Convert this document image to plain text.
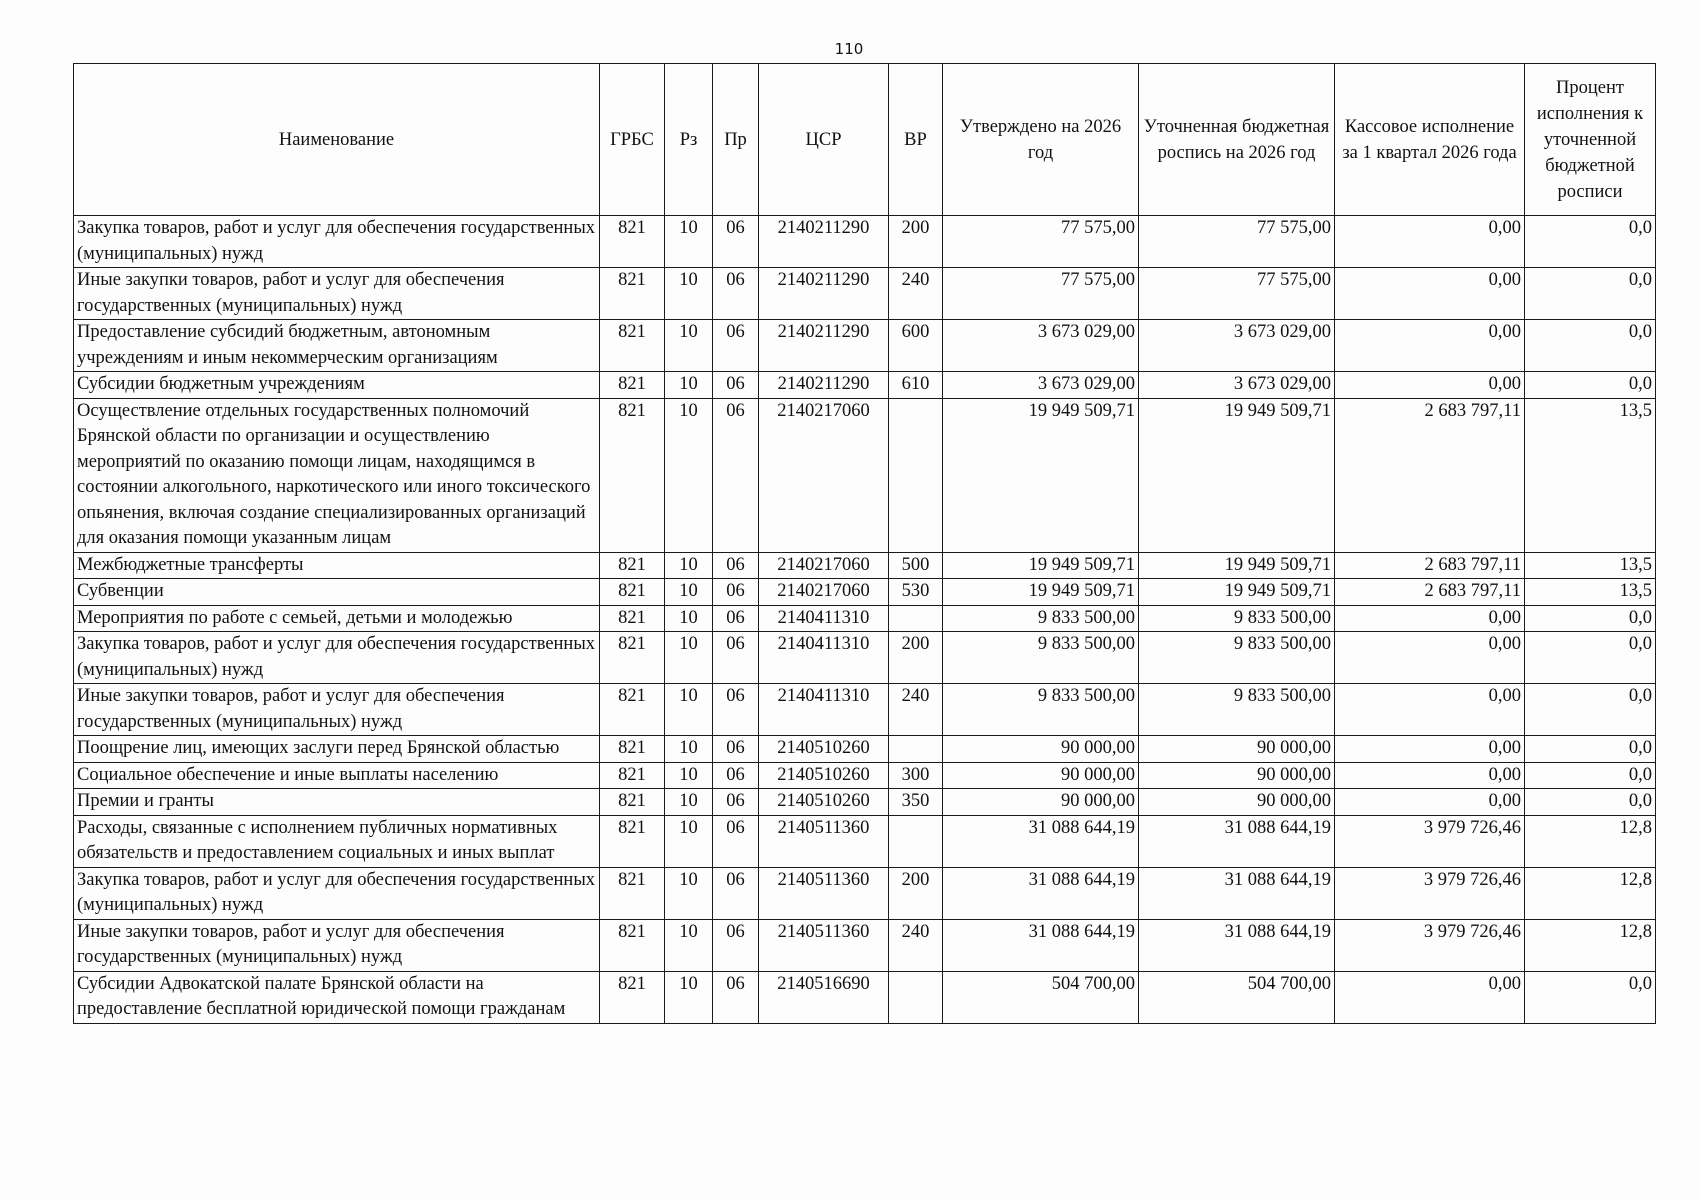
110
Наименование	ГРБС	Рз	Пр	ЦСР	ВР	Утверждено на 2026 год	Уточненная бюджетная роспись на 2026 год	Кассовое исполнение за 1 квартал 2026 года	Процент исполнения к уточненной бюджетной росписи
Закупка товаров, работ и услуг для обеспечения государственных (муниципальных) нужд	821	10	06	2140211290	200	77 575,00	77 575,00	0,00	0,0
Иные закупки товаров, работ и услуг для обеспечения государственных (муниципальных) нужд	821	10	06	2140211290	240	77 575,00	77 575,00	0,00	0,0
Предоставление субсидий бюджетным, автономным учреждениям и иным некоммерческим организациям	821	10	06	2140211290	600	3 673 029,00	3 673 029,00	0,00	0,0
Субсидии бюджетным учреждениям	821	10	06	2140211290	610	3 673 029,00	3 673 029,00	0,00	0,0
Осуществление отдельных государственных полномочий Брянской области по организации и осуществлению мероприятий по оказанию помощи лицам, находящимся в состоянии алкогольного, наркотического или иного токсического опьянения, включая создание специализированных организаций для оказания помощи указанным лицам	821	10	06	2140217060		19 949 509,71	19 949 509,71	2 683 797,11	13,5
Межбюджетные трансферты	821	10	06	2140217060	500	19 949 509,71	19 949 509,71	2 683 797,11	13,5
Субвенции	821	10	06	2140217060	530	19 949 509,71	19 949 509,71	2 683 797,11	13,5
Мероприятия по работе с семьей, детьми и молодежью	821	10	06	2140411310		9 833 500,00	9 833 500,00	0,00	0,0
Закупка товаров, работ и услуг для обеспечения государственных (муниципальных) нужд	821	10	06	2140411310	200	9 833 500,00	9 833 500,00	0,00	0,0
Иные закупки товаров, работ и услуг для обеспечения государственных (муниципальных) нужд	821	10	06	2140411310	240	9 833 500,00	9 833 500,00	0,00	0,0
Поощрение лиц, имеющих заслуги перед Брянской областью	821	10	06	2140510260		90 000,00	90 000,00	0,00	0,0
Социальное обеспечение и иные выплаты населению	821	10	06	2140510260	300	90 000,00	90 000,00	0,00	0,0
Премии и гранты	821	10	06	2140510260	350	90 000,00	90 000,00	0,00	0,0
Расходы, связанные с исполнением публичных нормативных обязательств и предоставлением социальных и иных выплат	821	10	06	2140511360		31 088 644,19	31 088 644,19	3 979 726,46	12,8
Закупка товаров, работ и услуг для обеспечения государственных (муниципальных) нужд	821	10	06	2140511360	200	31 088 644,19	31 088 644,19	3 979 726,46	12,8
Иные закупки товаров, работ и услуг для обеспечения государственных (муниципальных) нужд	821	10	06	2140511360	240	31 088 644,19	31 088 644,19	3 979 726,46	12,8
Субсидии Адвокатской палате Брянской области на предоставление бесплатной юридической помощи гражданам	821	10	06	2140516690		504 700,00	504 700,00	0,00	0,0
